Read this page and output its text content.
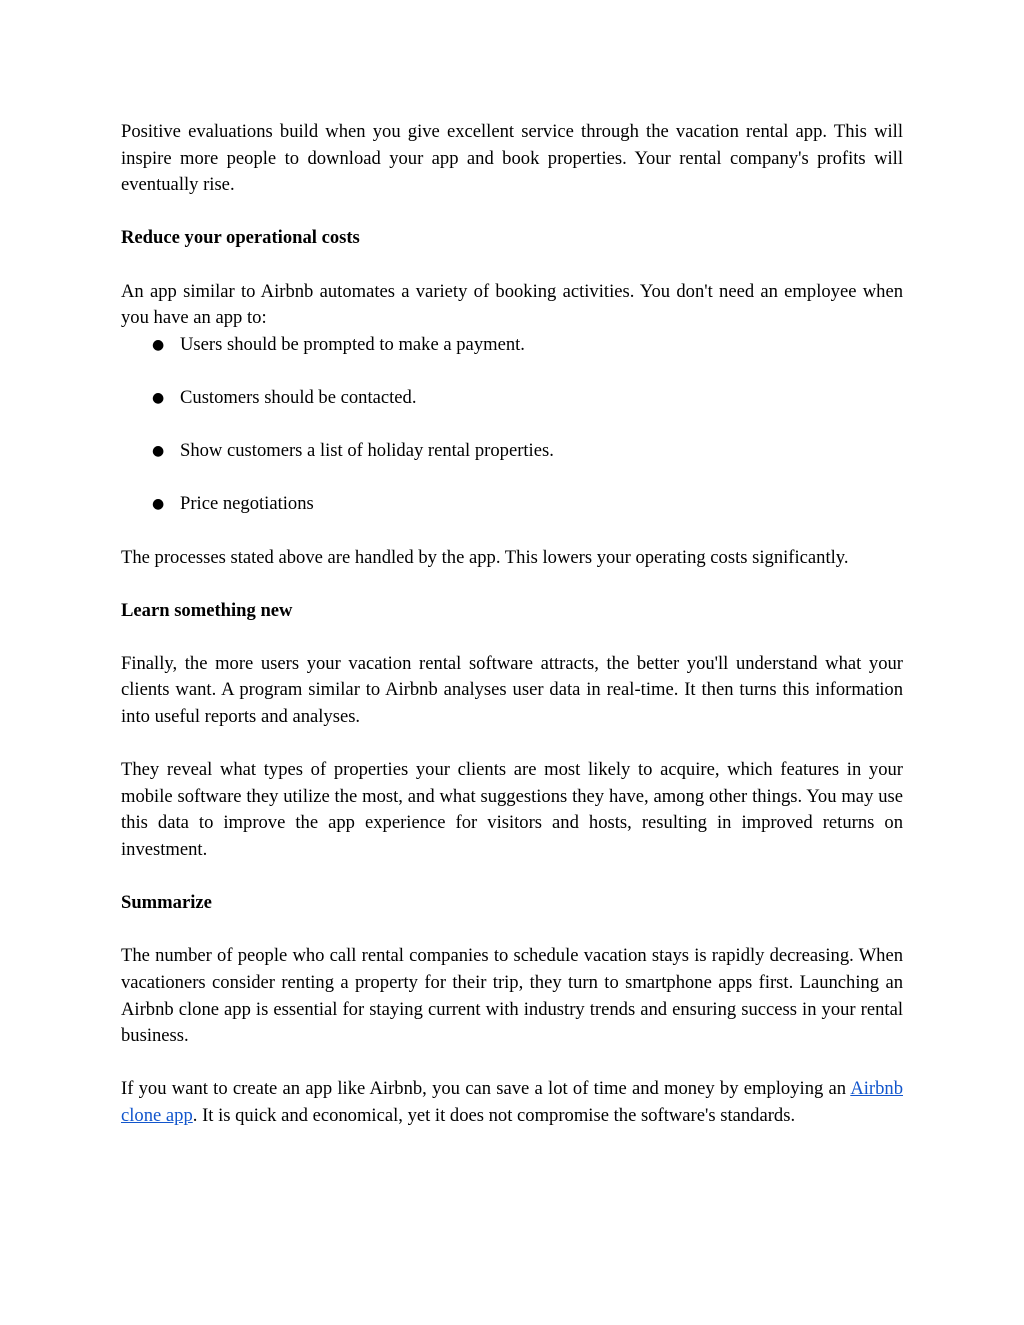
Positive evaluations build when you give excellent service through the vacation rental app. This will inspire more people to download your app and book properties. Your rental company's profits will eventually rise.

Reduce your operational costs

An app similar to Airbnb automates a variety of booking activities. You don't need an employee when you have an app to:

● Users should be prompted to make a payment.
● Customers should be contacted.
● Show customers a list of holiday rental properties.
● Price negotiations

The processes stated above are handled by the app. This lowers your operating costs significantly.

Learn something new

Finally, the more users your vacation rental software attracts, the better you'll understand what your clients want. A program similar to Airbnb analyses user data in real-time. It then turns this information into useful reports and analyses.

They reveal what types of properties your clients are most likely to acquire, which features in your mobile software they utilize the most, and what suggestions they have, among other things. You may use this data to improve the app experience for visitors and hosts, resulting in improved returns on investment.

Summarize

The number of people who call rental companies to schedule vacation stays is rapidly decreasing. When vacationers consider renting a property for their trip, they turn to smartphone apps first. Launching an Airbnb clone app is essential for staying current with industry trends and ensuring success in your rental business.

If you want to create an app like Airbnb, you can save a lot of time and money by employing an Airbnb clone app. It is quick and economical, yet it does not compromise the software's standards.
